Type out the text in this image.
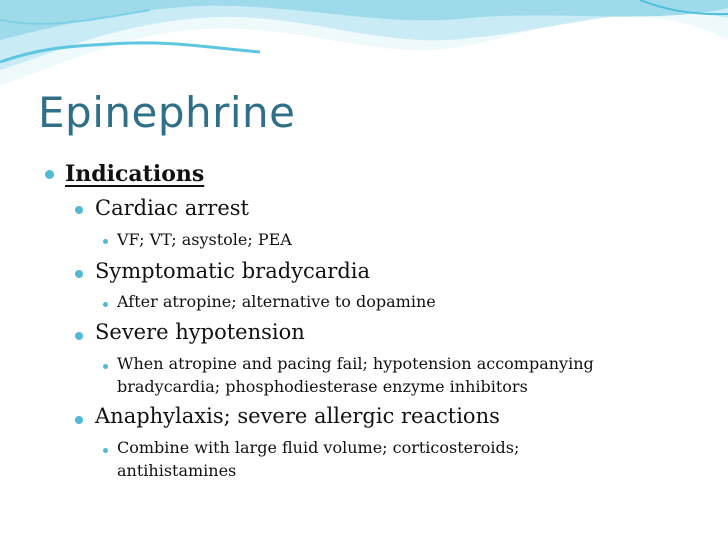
Epinephrine
Indications
Cardiac arrest
VF; VT; asystole; PEA
Symptomatic bradycardia
After atropine; alternative to dopamine
Severe hypotension
When atropine and pacing fail; hypotension accompanying
bradycardia; phosphodiesterase enzyme inhibitors
Anaphylaxis; severe allergic reactions
Combine with large fluid volume; corticosteroids;
antihistamines
